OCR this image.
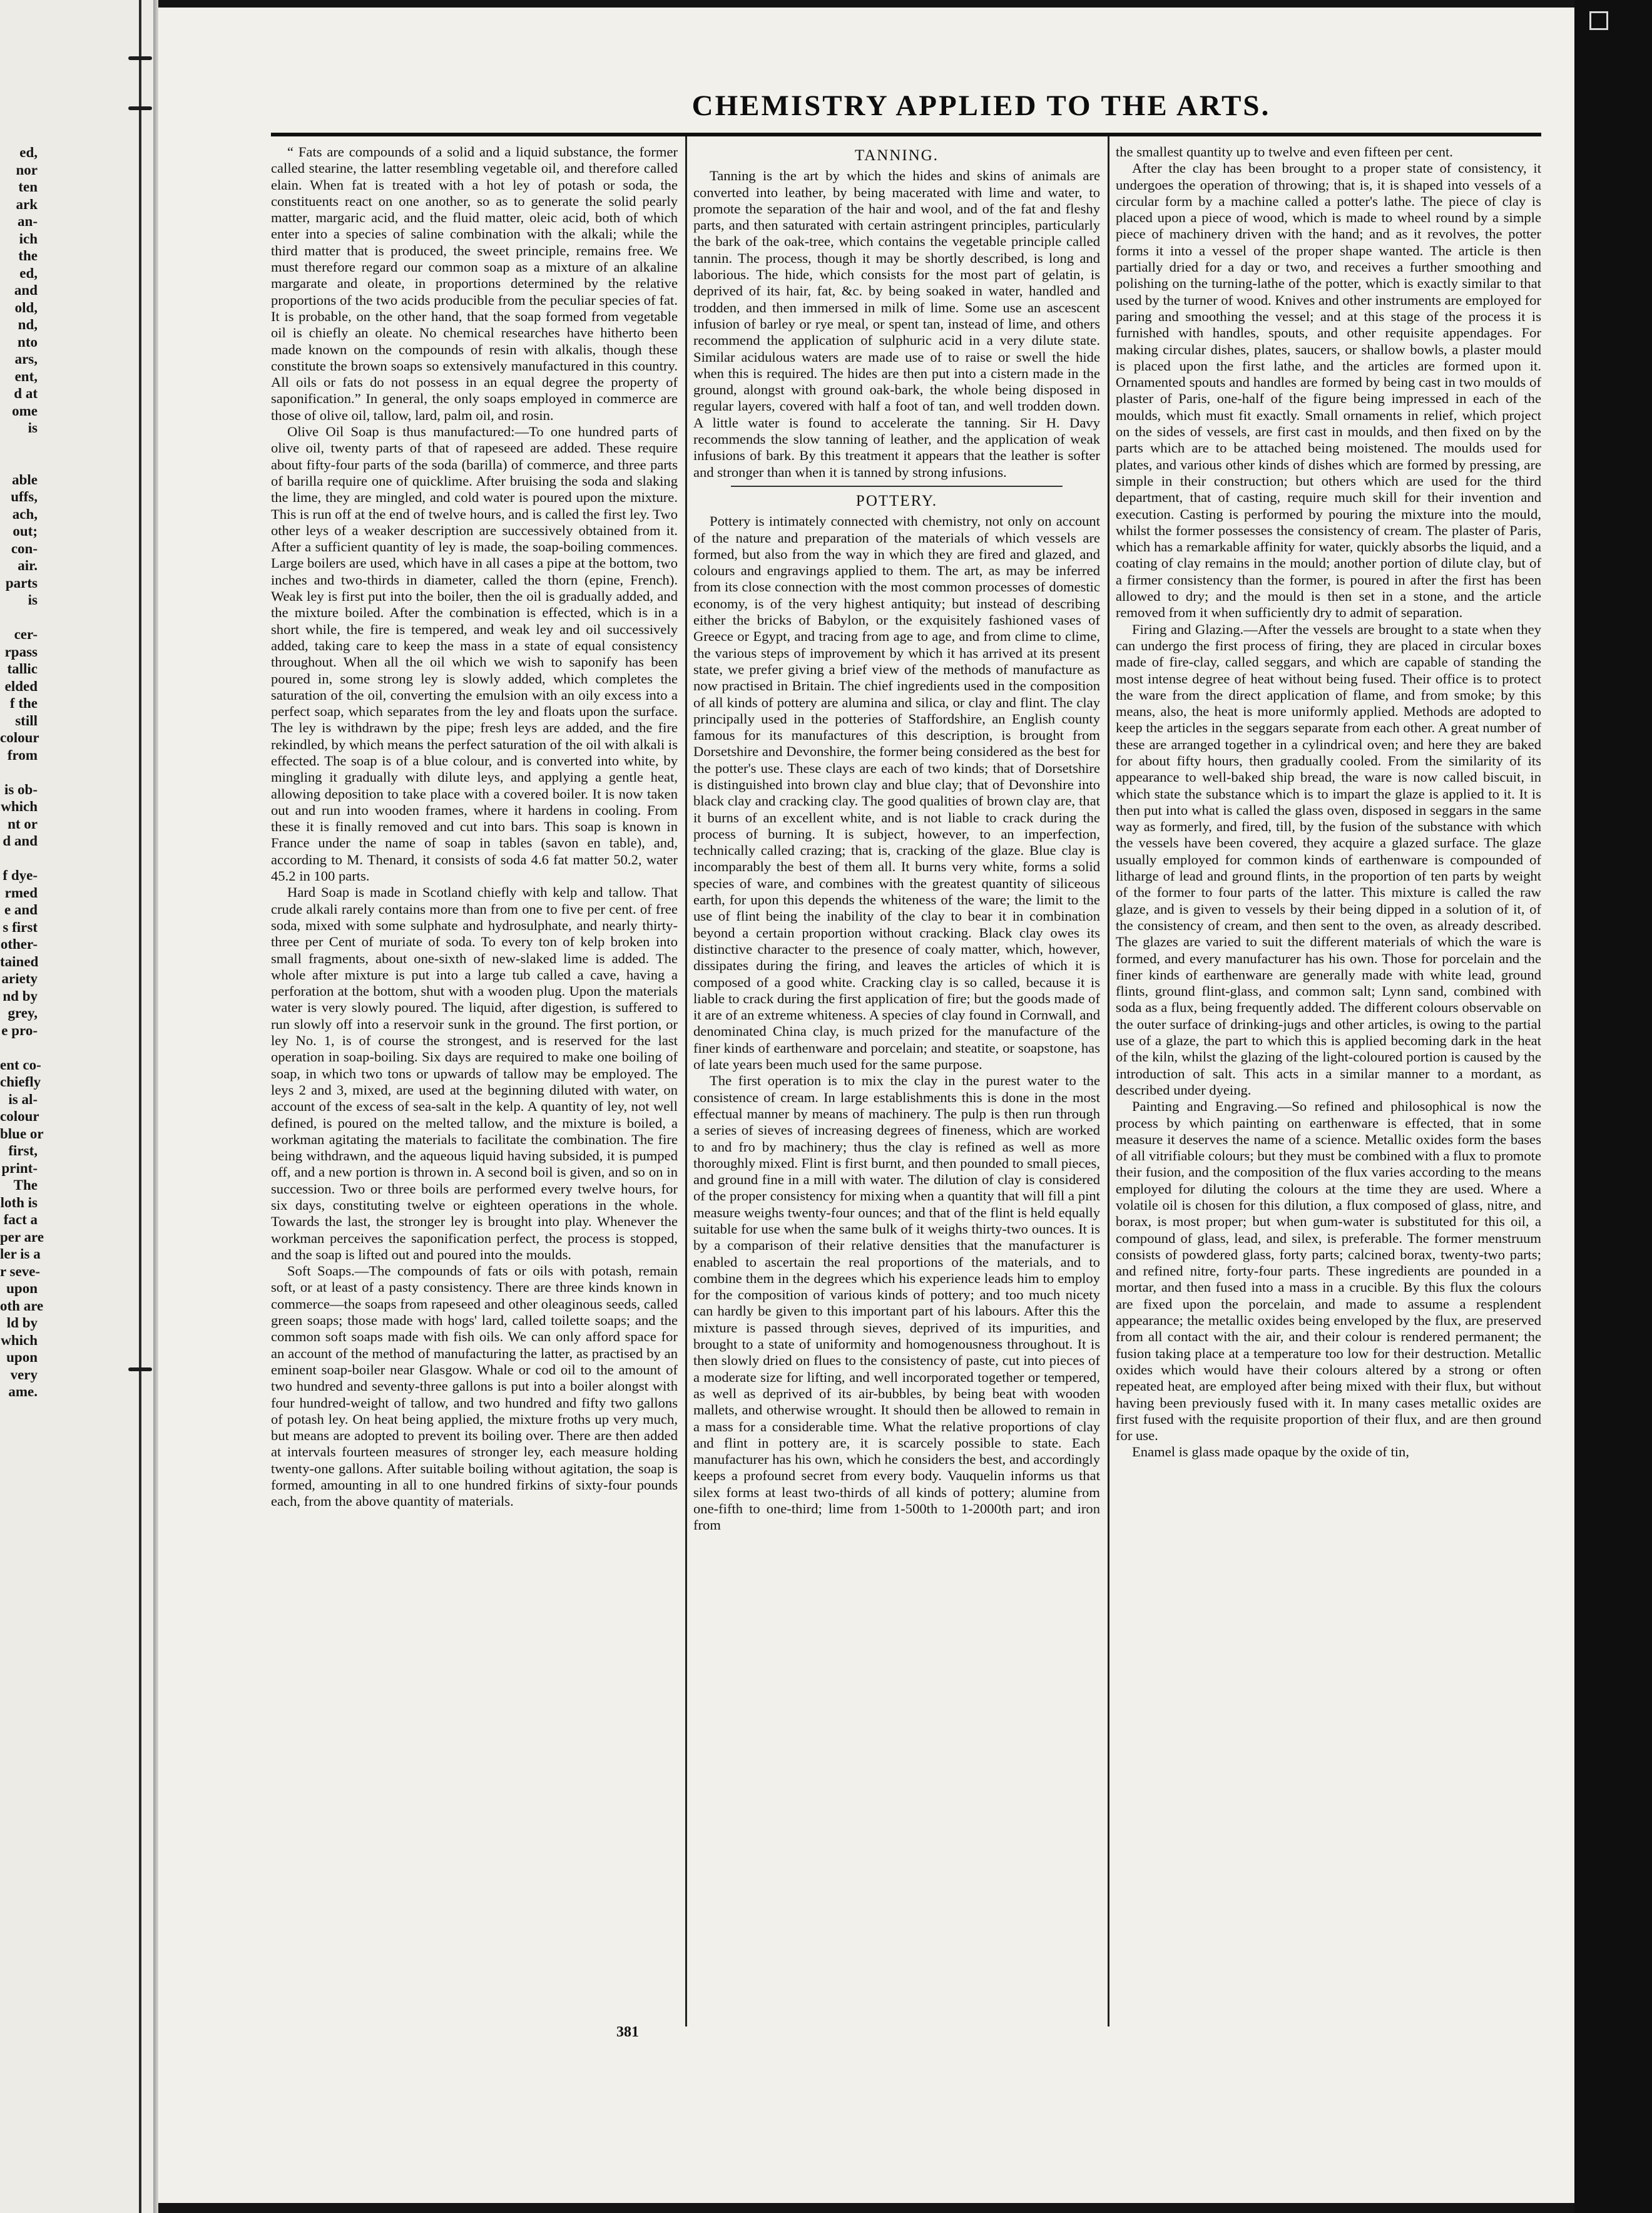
ed,
nor
ten
ark
an-
ich
the
ed,
and
old,
nd,
nto
ars,
ent,
d at
ome
is

able
uffs,
ach,
out;
con-
air.
parts
is

cer-
rpass
tallic
elded
f the
still
colour
from

is ob-
which
nt or
d and

f dye-
rmed
e and
s first
other-
tained
ariety
nd by
grey,
e pro-

ent co-
chiefly
is al-
colour
blue or
first,
print-
The
loth is
fact a
per are
ler is a
r seve-
upon
oth are
ld by
which
upon
very
ame.
CHEMISTRY APPLIED TO THE ARTS.

“ Fats are compounds of a solid and a liquid substance, the former called stearine, the latter resembling vegetable oil, and therefore called elain. When fat is treated with a hot ley of potash or soda, the constituents react on one another, so as to generate the solid pearly matter, margaric acid, and the fluid matter, oleic acid, both of which enter into a species of saline combination with the alkali; while the third matter that is produced, the sweet principle, remains free. We must therefore regard our common soap as a mixture of an alkaline margarate and oleate, in proportions determined by the relative proportions of the two acids producible from the peculiar species of fat. It is probable, on the other hand, that the soap formed from vegetable oil is chiefly an oleate. No chemical researches have hitherto been made known on the compounds of resin with alkalis, though these constitute the brown soaps so extensively manufactured in this country. All oils or fats do not possess in an equal degree the property of saponification.” In general, the only soaps employed in commerce are those of olive oil, tallow, lard, palm oil, and rosin.

Olive Oil Soap is thus manufactured:—To one hundred parts of olive oil, twenty parts of that of rapeseed are added. These require about fifty-four parts of the soda (barilla) of commerce, and three parts of barilla require one of quicklime. After bruising the soda and slaking the lime, they are mingled, and cold water is poured upon the mixture. This is run off at the end of twelve hours, and is called the first ley. Two other leys of a weaker description are successively obtained from it. After a sufficient quantity of ley is made, the soap-boiling commences. Large boilers are used, which have in all cases a pipe at the bottom, two inches and two-thirds in diameter, called the thorn (epine, French). Weak ley is first put into the boiler, then the oil is gradually added, and the mixture boiled. After the combination is effected, which is in a short while, the fire is tempered, and weak ley and oil successively added, taking care to keep the mass in a state of equal consistency throughout. When all the oil which we wish to saponify has been poured in, some strong ley is slowly added, which completes the saturation of the oil, converting the emulsion with an oily excess into a perfect soap, which separates from the ley and floats upon the surface. The ley is withdrawn by the pipe; fresh leys are added, and the fire rekindled, by which means the perfect saturation of the oil with alkali is effected. The soap is of a blue colour, and is converted into white, by mingling it gradually with dilute leys, and applying a gentle heat, allowing deposition to take place with a covered boiler. It is now taken out and run into wooden frames, where it hardens in cooling. From these it is finally removed and cut into bars. This soap is known in France under the name of soap in tables (savon en table), and, according to M. Thenard, it consists of soda 4.6 fat matter 50.2, water 45.2 in 100 parts.

Hard Soap is made in Scotland chiefly with kelp and tallow. That crude alkali rarely contains more than from one to five per cent. of free soda, mixed with some sulphate and hydrosulphate, and nearly thirty-three per Cent of muriate of soda. To every ton of kelp broken into small fragments, about one-sixth of new-slaked lime is added. The whole after mixture is put into a large tub called a cave, having a perforation at the bottom, shut with a wooden plug. Upon the materials water is very slowly poured. The liquid, after digestion, is suffered to run slowly off into a reservoir sunk in the ground. The first portion, or ley No. 1, is of course the strongest, and is reserved for the last operation in soap-boiling. Six days are required to make one boiling of soap, in which two tons or upwards of tallow may be employed. The leys 2 and 3, mixed, are used at the beginning diluted with water, on account of the excess of sea-salt in the kelp. A quantity of ley, not well defined, is poured on the melted tallow, and the mixture is boiled, a workman agitating the materials to facilitate the combination. The fire being withdrawn, and the aqueous liquid having subsided, it is pumped off, and a new portion is thrown in. A second boil is given, and so on in succession. Two or three boils are performed every twelve hours, for six days, constituting twelve or eighteen operations in the whole. Towards the last, the stronger ley is brought into play. Whenever the workman perceives the saponification perfect, the process is stopped, and the soap is lifted out and poured into the moulds.

Soft Soaps.—The compounds of fats or oils with potash, remain soft, or at least of a pasty consistency. There are three kinds known in commerce—the soaps from rapeseed and other oleaginous seeds, called green soaps; those made with hogs' lard, called toilette soaps; and the common soft soaps made with fish oils. We can only afford space for an account of the method of manufacturing the latter, as practised by an eminent soap-boiler near Glasgow. Whale or cod oil to the amount of two hundred and seventy-three gallons is put into a boiler alongst with four hundred-weight of tallow, and two hundred and fifty two gallons of potash ley. On heat being applied, the mixture froths up very much, but means are adopted to prevent its boiling over. There are then added at intervals fourteen measures of stronger ley, each measure holding twenty-one gallons. After suitable boiling without agitation, the soap is formed, amounting in all to one hundred firkins of sixty-four pounds each, from the above quantity of materials.

TANNING.

Tanning is the art by which the hides and skins of animals are converted into leather, by being macerated with lime and water, to promote the separation of the hair and wool, and of the fat and fleshy parts, and then saturated with certain astringent principles, particularly the bark of the oak-tree, which contains the vegetable principle called tannin. The process, though it may be shortly described, is long and laborious. The hide, which consists for the most part of gelatin, is deprived of its hair, fat, &c. by being soaked in water, handled and trodden, and then immersed in milk of lime. Some use an ascescent infusion of barley or rye meal, or spent tan, instead of lime, and others recommend the application of sulphuric acid in a very dilute state. Similar acidulous waters are made use of to raise or swell the hide when this is required. The hides are then put into a cistern made in the ground, alongst with ground oak-bark, the whole being disposed in regular layers, covered with half a foot of tan, and well trodden down. A little water is found to accelerate the tanning. Sir H. Davy recommends the slow tanning of leather, and the application of weak infusions of bark. By this treatment it appears that the leather is softer and stronger than when it is tanned by strong infusions.

POTTERY.

Pottery is intimately connected with chemistry, not only on account of the nature and preparation of the materials of which vessels are formed, but also from the way in which they are fired and glazed, and colours and engravings applied to them. The art, as may be inferred from its close connection with the most common processes of domestic economy, is of the very highest antiquity; but instead of describing either the bricks of Babylon, or the exquisitely fashioned vases of Greece or Egypt, and tracing from age to age, and from clime to clime, the various steps of improvement by which it has arrived at its present state, we prefer giving a brief view of the methods of manufacture as now practised in Britain. The chief ingredients used in the composition of all kinds of pottery are alumina and silica, or clay and flint. The clay principally used in the potteries of Staffordshire, an English county famous for its manufactures of this description, is brought from Dorsetshire and Devonshire, the former being considered as the best for the potter's use. These clays are each of two kinds; that of Dorsetshire is distinguished into brown clay and blue clay; that of Devonshire into black clay and cracking clay. The good qualities of brown clay are, that it burns of an excellent white, and is not liable to crack during the process of burning. It is subject, however, to an imperfection, technically called crazing; that is, cracking of the glaze. Blue clay is incomparably the best of them all. It burns very white, forms a solid species of ware, and combines with the greatest quantity of siliceous earth, for upon this depends the whiteness of the ware; the limit to the use of flint being the inability of the clay to bear it in combination beyond a certain proportion without cracking. Black clay owes its distinctive character to the presence of coaly matter, which, however, dissipates during the firing, and leaves the articles of which it is composed of a good white. Cracking clay is so called, because it is liable to crack during the first application of fire; but the goods made of it are of an extreme whiteness. A species of clay found in Cornwall, and denominated China clay, is much prized for the manufacture of the finer kinds of earthenware and porcelain; and steatite, or soapstone, has of late years been much used for the same purpose.

The first operation is to mix the clay in the purest water to the consistence of cream. In large establishments this is done in the most effectual manner by means of machinery. The pulp is then run through a series of sieves of increasing degrees of fineness, which are worked to and fro by machinery; thus the clay is refined as well as more thoroughly mixed. Flint is first burnt, and then pounded to small pieces, and ground fine in a mill with water. The dilution of clay is considered of the proper consistency for mixing when a quantity that will fill a pint measure weighs twenty-four ounces; and that of the flint is held equally suitable for use when the same bulk of it weighs thirty-two ounces. It is by a comparison of their relative densities that the manufacturer is enabled to ascertain the real proportions of the materials, and to combine them in the degrees which his experience leads him to employ for the composition of various kinds of pottery; and too much nicety can hardly be given to this important part of his labours. After this the mixture is passed through sieves, deprived of its impurities, and brought to a state of uniformity and homogenousness throughout. It is then slowly dried on flues to the consistency of paste, cut into pieces of a moderate size for lifting, and well incorporated together or tempered, as well as deprived of its air-bubbles, by being beat with wooden mallets, and otherwise wrought. It should then be allowed to remain in a mass for a considerable time. What the relative proportions of clay and flint in pottery are, it is scarcely possible to state. Each manufacturer has his own, which he considers the best, and accordingly keeps a profound secret from every body. Vauquelin informs us that silex forms at least two-thirds of all kinds of pottery; alumine from one-fifth to one-third; lime from 1-500th to 1-2000th part; and iron from

the smallest quantity up to twelve and even fifteen per cent.

After the clay has been brought to a proper state of consistency, it undergoes the operation of throwing; that is, it is shaped into vessels of a circular form by a machine called a potter's lathe. The piece of clay is placed upon a piece of wood, which is made to wheel round by a simple piece of machinery driven with the hand; and as it revolves, the potter forms it into a vessel of the proper shape wanted. The article is then partially dried for a day or two, and receives a further smoothing and polishing on the turning-lathe of the potter, which is exactly similar to that used by the turner of wood. Knives and other instruments are employed for paring and smoothing the vessel; and at this stage of the process it is furnished with handles, spouts, and other requisite appendages. For making circular dishes, plates, saucers, or shallow bowls, a plaster mould is placed upon the first lathe, and the articles are formed upon it. Ornamented spouts and handles are formed by being cast in two moulds of plaster of Paris, one-half of the figure being impressed in each of the moulds, which must fit exactly. Small ornaments in relief, which project on the sides of vessels, are first cast in moulds, and then fixed on by the parts which are to be attached being moistened. The moulds used for plates, and various other kinds of dishes which are formed by pressing, are simple in their construction; but others which are used for the third department, that of casting, require much skill for their invention and execution. Casting is performed by pouring the mixture into the mould, whilst the former possesses the consistency of cream. The plaster of Paris, which has a remarkable affinity for water, quickly absorbs the liquid, and a coating of clay remains in the mould; another portion of dilute clay, but of a firmer consistency than the former, is poured in after the first has been allowed to dry; and the mould is then set in a stone, and the article removed from it when sufficiently dry to admit of separation.

Firing and Glazing.—After the vessels are brought to a state when they can undergo the first process of firing, they are placed in circular boxes made of fire-clay, called seggars, and which are capable of standing the most intense degree of heat without being fused. Their office is to protect the ware from the direct application of flame, and from smoke; by this means, also, the heat is more uniformly applied. Methods are adopted to keep the articles in the seggars separate from each other. A great number of these are arranged together in a cylindrical oven; and here they are baked for about fifty hours, then gradually cooled. From the similarity of its appearance to well-baked ship bread, the ware is now called biscuit, in which state the substance which is to impart the glaze is applied to it. It is then put into what is called the glass oven, disposed in seggars in the same way as formerly, and fired, till, by the fusion of the substance with which the vessels have been covered, they acquire a glazed surface. The glaze usually employed for common kinds of earthenware is compounded of litharge of lead and ground flints, in the proportion of ten parts by weight of the former to four parts of the latter. This mixture is called the raw glaze, and is given to vessels by their being dipped in a solution of it, of the consistency of cream, and then sent to the oven, as already described. The glazes are varied to suit the different materials of which the ware is formed, and every manufacturer has his own. Those for porcelain and the finer kinds of earthenware are generally made with white lead, ground flints, ground flint-glass, and common salt; Lynn sand, combined with soda as a flux, being frequently added. The different colours observable on the outer surface of drinking-jugs and other articles, is owing to the partial use of a glaze, the part to which this is applied becoming dark in the heat of the kiln, whilst the glazing of the light-coloured portion is caused by the introduction of salt. This acts in a similar manner to a mordant, as described under dyeing.

Painting and Engraving.—So refined and philosophical is now the process by which painting on earthenware is effected, that in some measure it deserves the name of a science. Metallic oxides form the bases of all vitrifiable colours; but they must be combined with a flux to promote their fusion, and the composition of the flux varies according to the means employed for diluting the colours at the time they are used. Where a volatile oil is chosen for this dilution, a flux composed of glass, nitre, and borax, is most proper; but when gum-water is substituted for this oil, a compound of glass, lead, and silex, is preferable. The former menstruum consists of powdered glass, forty parts; calcined borax, twenty-two parts; and refined nitre, forty-four parts. These ingredients are pounded in a mortar, and then fused into a mass in a crucible. By this flux the colours are fixed upon the porcelain, and made to assume a resplendent appearance; the metallic oxides being enveloped by the flux, are preserved from all contact with the air, and their colour is rendered permanent; the fusion taking place at a temperature too low for their destruction. Metallic oxides which would have their colours altered by a strong or often repeated heat, are employed after being mixed with their flux, but without having been previously fused with it. In many cases metallic oxides are first fused with the requisite proportion of their flux, and are then ground for use.

Enamel is glass made opaque by the oxide of tin,

381
